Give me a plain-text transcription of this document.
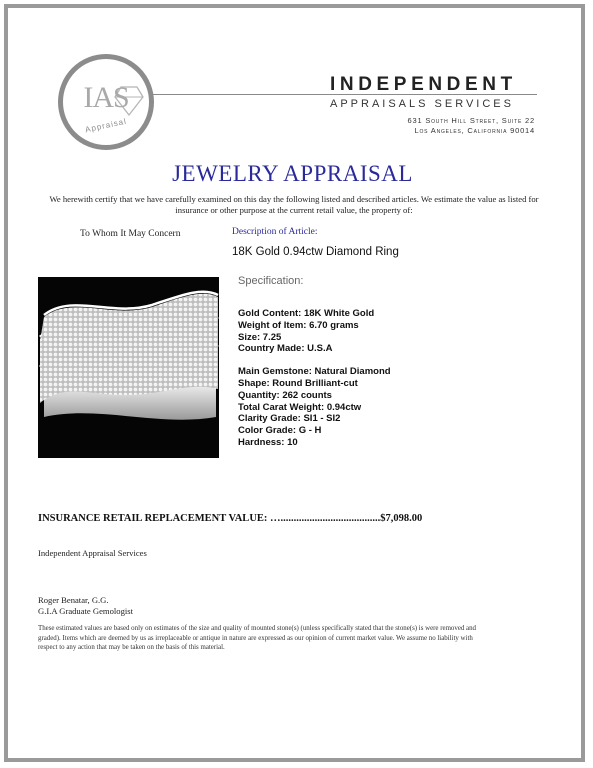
IAS
Appraisal
INDEPENDENT
APPRAISALS SERVICES
631 South Hill Street, Suite 22
Los Angeles, California 90014
JEWELRY APPRAISAL
We herewith certify that we have carefully examined on this day the following listed and described articles. We estimate the value as listed for insurance or other purpose at the current retail value, the property of:
To Whom It May Concern	Description of Article:
18K Gold 0.94ctw Diamond Ring
Specification:
Gold Content: 18K White Gold
Weight of Item: 6.70 grams
Size: 7.25
Country Made: U.S.A
Main Gemstone: Natural Diamond
Shape: Round Brilliant-cut
Quantity: 262 counts
Total Carat Weight: 0.94ctw
Clarity Grade: SI1 - SI2
Color Grade: G - H
Hardness: 10
INSURANCE RETAIL REPLACEMENT VALUE: …......................................$7,098.00
Independent Appraisal Services
Roger Benatar, G.G.
G.I.A Graduate Gemologist
These estimated values are based only on estimates of the size and quality of mounted stone(s) (unless specifically stated that the stone(s) is were removed and graded). Items which are deemed by us as irreplaceable or antique in nature are expressed as our opinion of current market value. We assume no liability with respect to any action that may be taken on the basis of this material.
